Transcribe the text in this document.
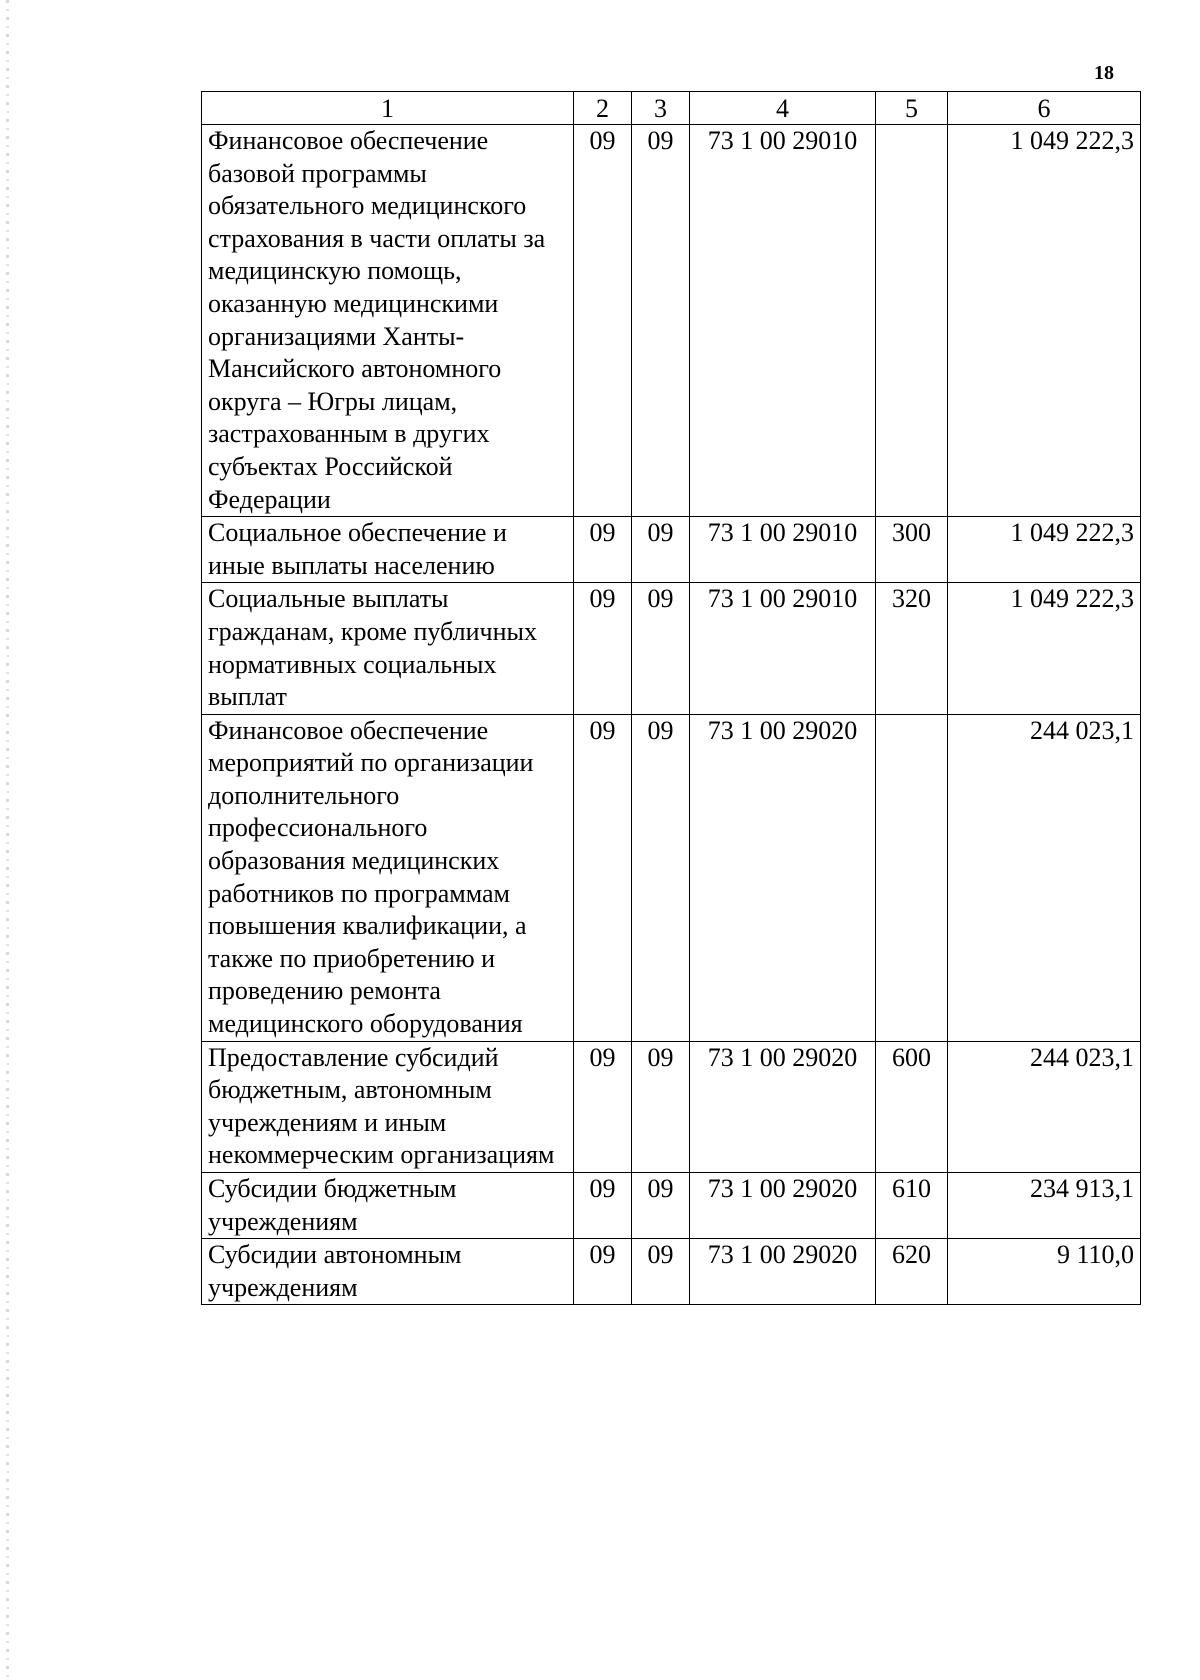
18
1	2	3	4	5	6
Финансовое обеспечение базовой программы обязательного медицинского страхования в части оплаты за медицинскую помощь, оказанную медицинскими организациями Ханты-Мансийского автономного округа – Югры лицам, застрахованным в других субъектах Российской Федерации	09	09	73 1 00 29010		1 049 222,3
Социальное обеспечение и иные выплаты населению	09	09	73 1 00 29010	300	1 049 222,3
Социальные выплаты гражданам, кроме публичных нормативных социальных выплат	09	09	73 1 00 29010	320	1 049 222,3
Финансовое обеспечение мероприятий по организации дополнительного профессионального образования медицинских работников по программам повышения квалификации, а также по приобретению и проведению ремонта медицинского оборудования	09	09	73 1 00 29020		244 023,1
Предоставление субсидий бюджетным, автономным учреждениям и иным некоммерческим организациям	09	09	73 1 00 29020	600	244 023,1
Субсидии бюджетным учреждениям	09	09	73 1 00 29020	610	234 913,1
Субсидии автономным учреждениям	09	09	73 1 00 29020	620	9 110,0
